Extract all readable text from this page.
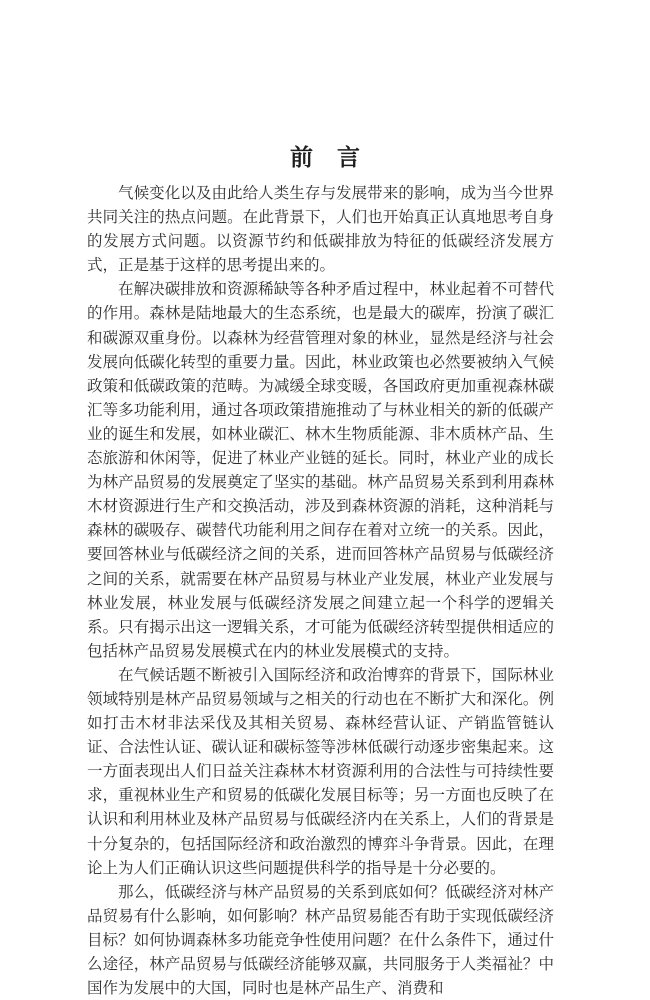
前言

气候变化以及由此给人类生存与发展带来的影响，成为当今世界共同关注的热点问题。在此背景下，人们也开始真正认真地思考自身的发展方式问题。以资源节约和低碳排放为特征的低碳经济发展方式，正是基于这样的思考提出来的。

在解决碳排放和资源稀缺等各种矛盾过程中，林业起着不可替代的作用。森林是陆地最大的生态系统，也是最大的碳库，扮演了碳汇和碳源双重身份。以森林为经营管理对象的林业，显然是经济与社会发展向低碳化转型的重要力量。因此，林业政策也必然要被纳入气候政策和低碳政策的范畴。为减缓全球变暖，各国政府更加重视森林碳汇等多功能利用，通过各项政策措施推动了与林业相关的新的低碳产业的诞生和发展，如林业碳汇、林木生物质能源、非木质林产品、生态旅游和休闲等，促进了林业产业链的延长。同时，林业产业的成长为林产品贸易的发展奠定了坚实的基础。林产品贸易关系到利用森林木材资源进行生产和交换活动，涉及到森林资源的消耗，这种消耗与森林的碳吸存、碳替代功能利用之间存在着对立统一的关系。因此，要回答林业与低碳经济之间的关系，进而回答林产品贸易与低碳经济之间的关系，就需要在林产品贸易与林业产业发展，林业产业发展与林业发展，林业发展与低碳经济发展之间建立起一个科学的逻辑关系。只有揭示出这一逻辑关系，才可能为低碳经济转型提供相适应的包括林产品贸易发展模式在内的林业发展模式的支持。

在气候话题不断被引入国际经济和政治博弈的背景下，国际林业领域特别是林产品贸易领域与之相关的行动也在不断扩大和深化。例如打击木材非法采伐及其相关贸易、森林经营认证、产销监管链认证、合法性认证、碳认证和碳标签等涉林低碳行动逐步密集起来。这一方面表现出人们日益关注森林木材资源利用的合法性与可持续性要求，重视林业生产和贸易的低碳化发展目标等；另一方面也反映了在认识和利用林业及林产品贸易与低碳经济内在关系上，人们的背景是十分复杂的，包括国际经济和政治激烈的博弈斗争背景。因此，在理论上为人们正确认识这些问题提供科学的指导是十分必要的。

那么，低碳经济与林产品贸易的关系到底如何？低碳经济对林产品贸易有什么影响，如何影响？林产品贸易能否有助于实现低碳经济目标？如何协调森林多功能竞争性使用问题？在什么条件下，通过什么途径，林产品贸易与低碳经济能够双赢，共同服务于人类福祉？中国作为发展中的大国，同时也是林产品生产、消费和
